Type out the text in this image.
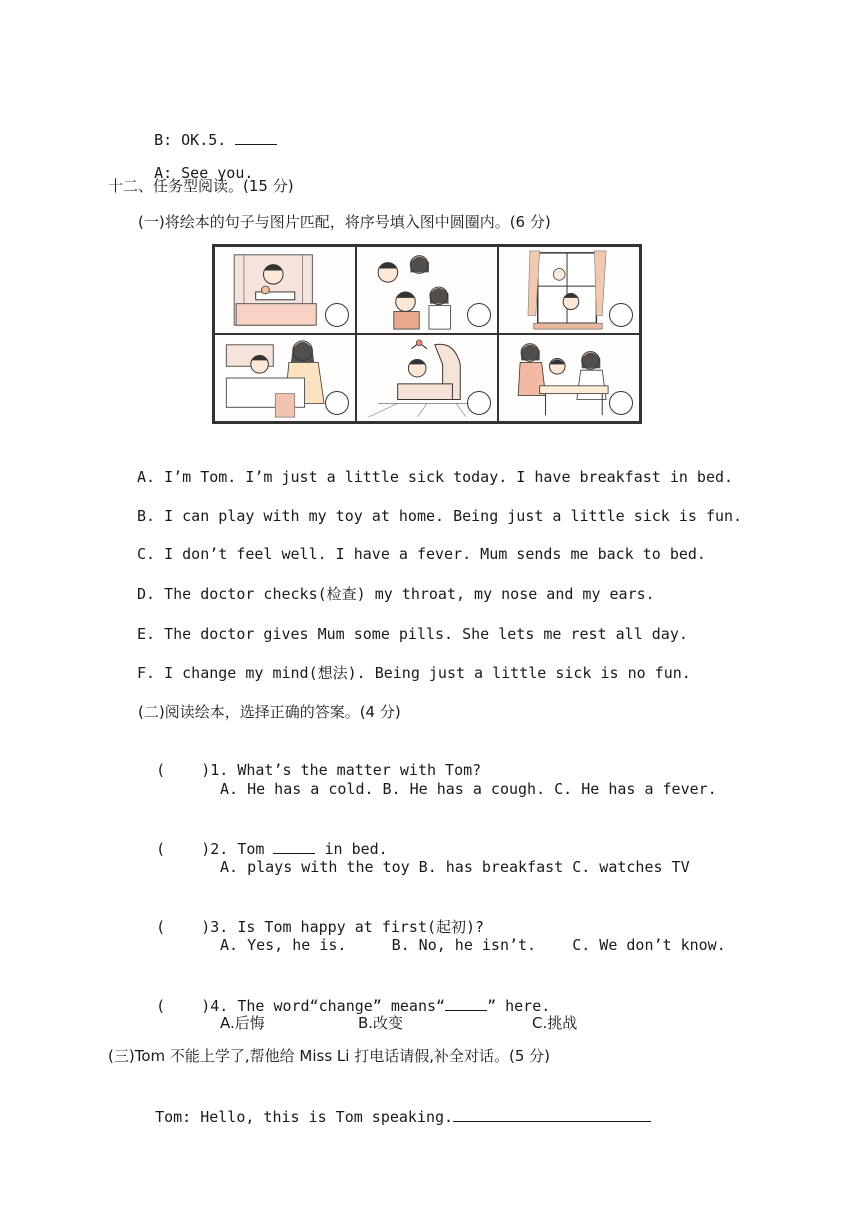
B: OK.5.

A: See you.

十二、任务型阅读。(15 分)
(一)将绘本的句子与图片匹配，将序号填入图中圆圈内。(6 分)
A. I’m Tom. I’m just a little sick today. I have breakfast in bed.
B. I can play with my toy at home. Being just a little sick is fun.
C. I don’t feel well. I have a fever. Mum sends me back to bed.
D. The doctor checks(检查) my throat, my nose and my ears.
E. The doctor gives Mum some pills. She lets me rest all day.
F. I change my mind(想法). Being just a little sick is no fun.
(二)阅读绘本，选择正确的答案。(4 分)

(    )1. What’s the matter with Tom?

A. He has a cold. B. He has a cough. C. He has a fever.

(    )2. Tom	in bed.

A. plays with the toy B. has breakfast C. watches TV

(    )3. Is Tom happy at first(起初)?

A. Yes, he is.     B. No, he isn’t.    C. We don’t know.

(    )4. The word“change” means“	” here.

A.后悔	B.改变	C.挑战
(三)Tom 不能上学了,帮他给 Miss Li 打电话请假,补全对话。(5 分)

Tom: Hello, this is Tom speaking.
